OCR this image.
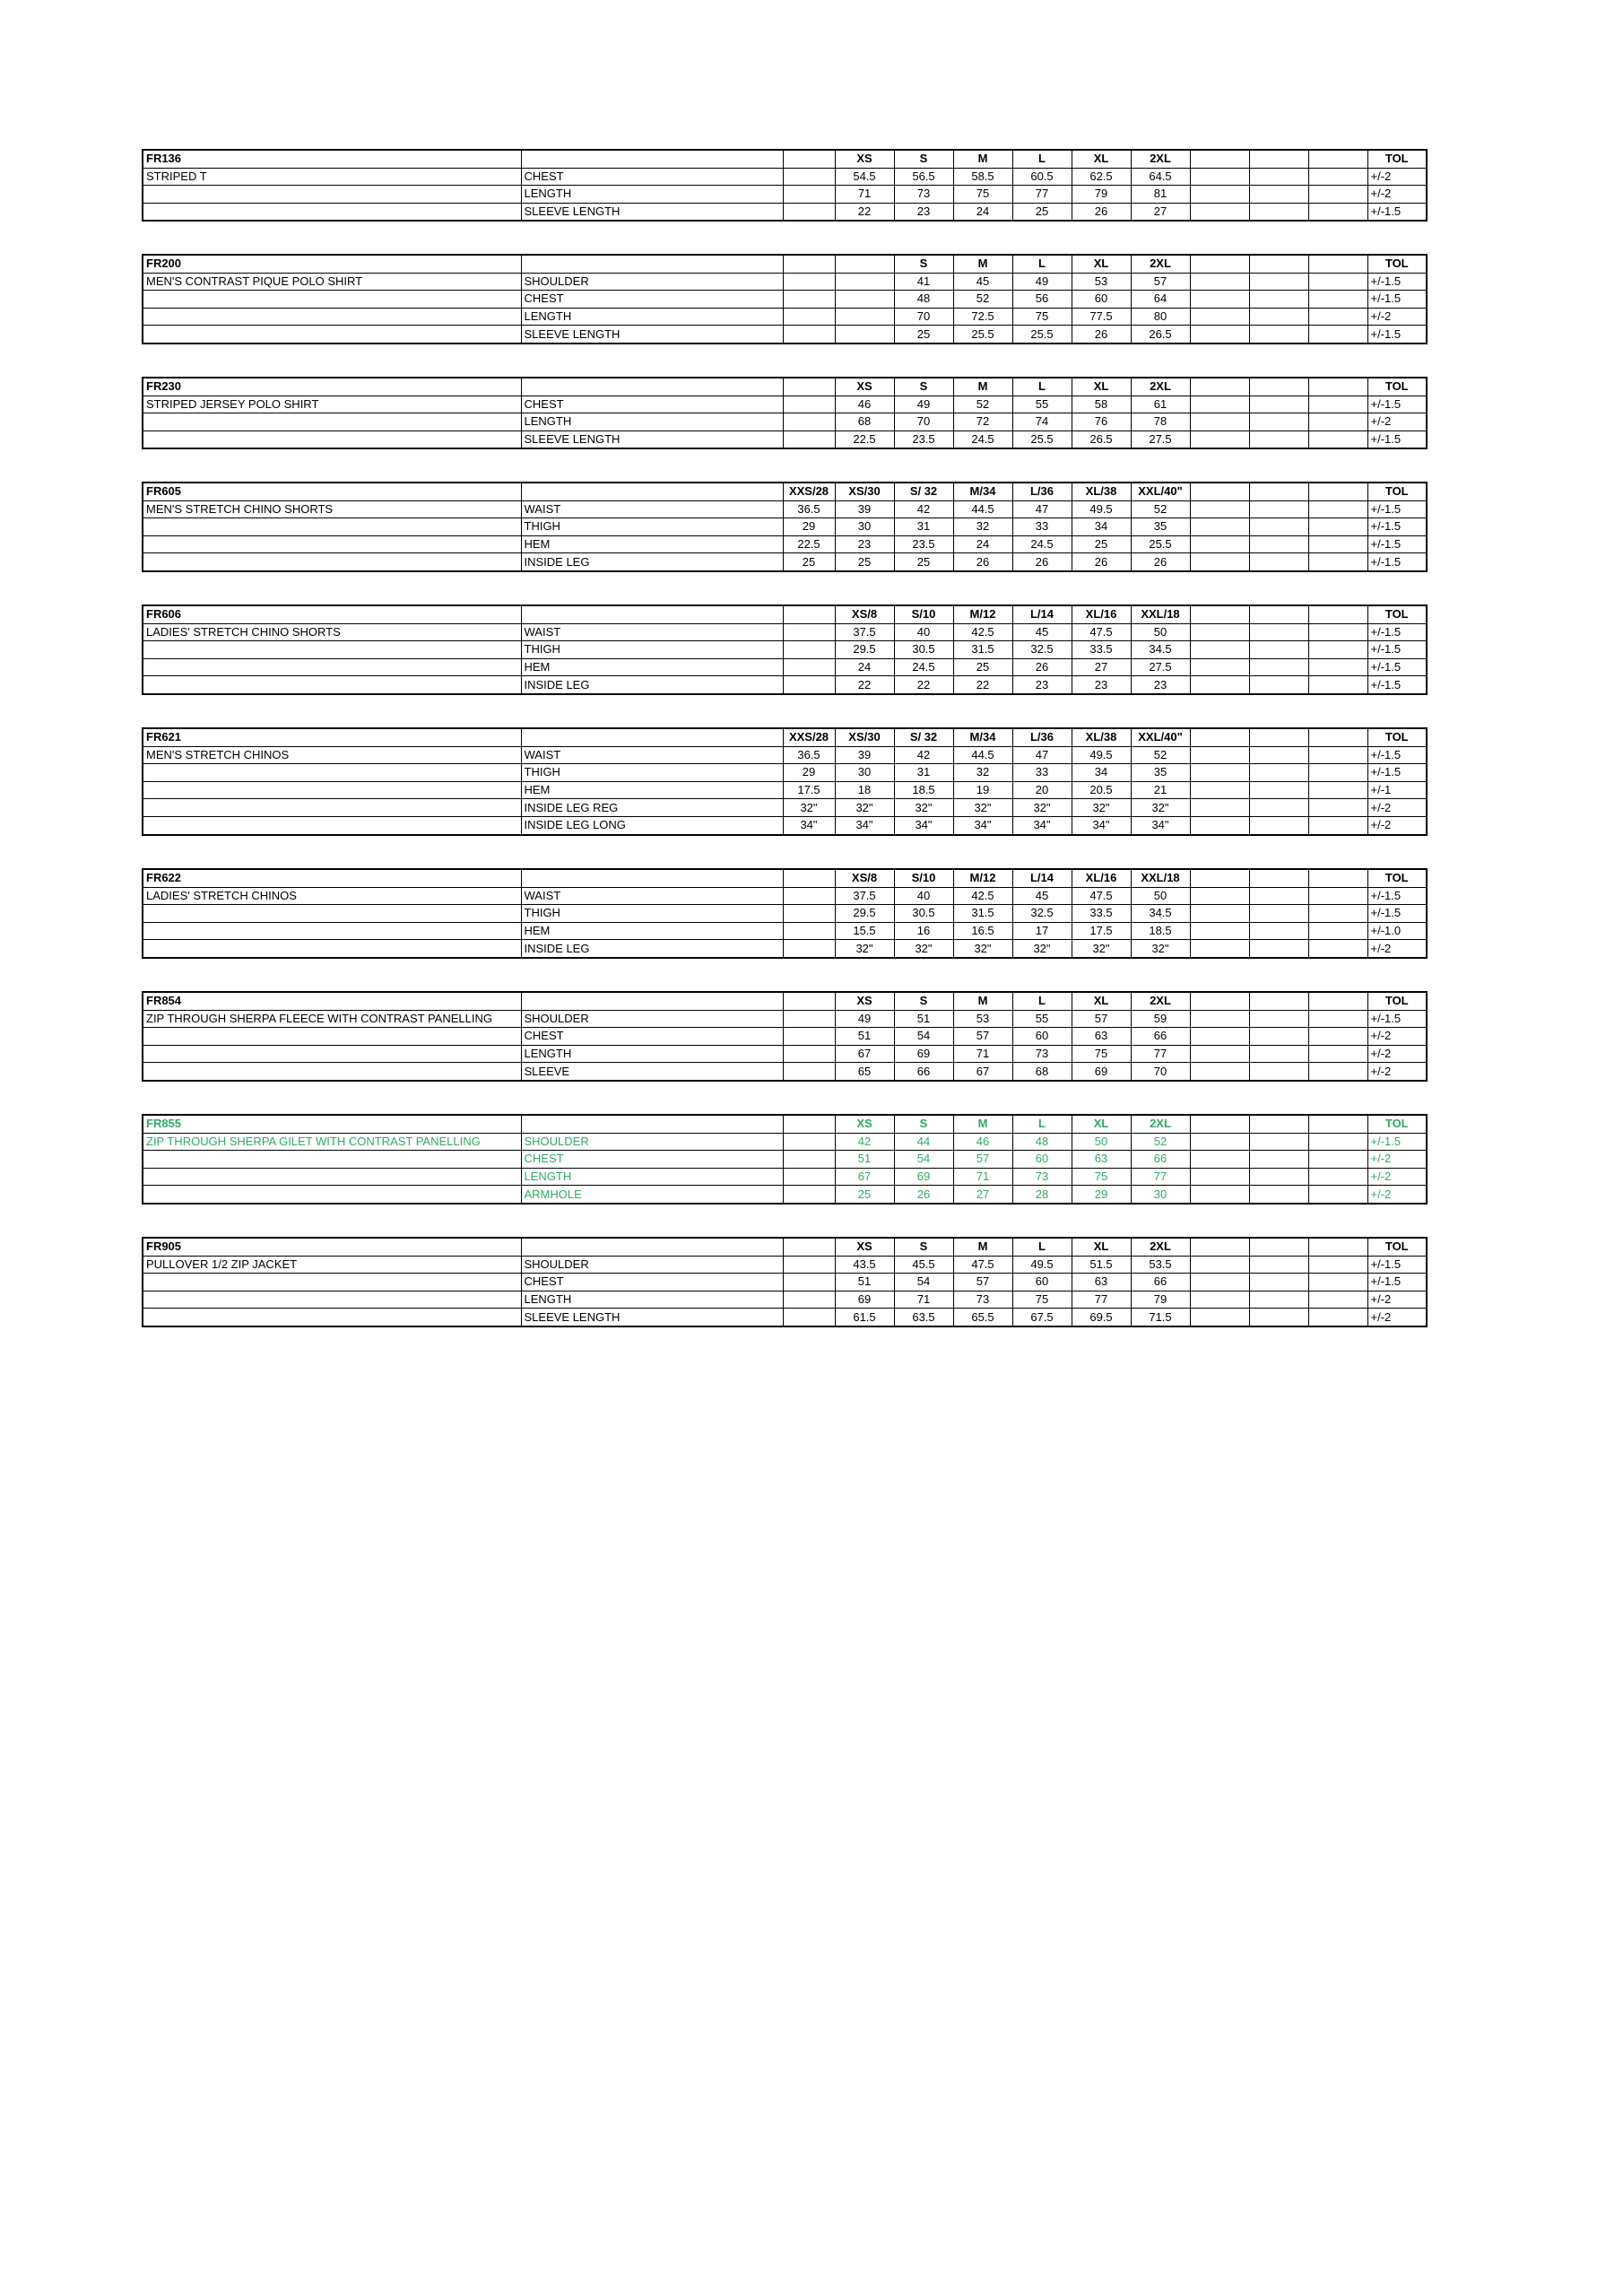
FR136			XS	S	M	L	XL	2XL				TOL
STRIPED T	CHEST		54.5	56.5	58.5	60.5	62.5	64.5				+/-2
	LENGTH		71	73	75	77	79	81				+/-2
	SLEEVE LENGTH		22	23	24	25	26	27				+/-1.5
FR200				S	M	L	XL	2XL				TOL
MEN'S CONTRAST PIQUE POLO SHIRT	SHOULDER			41	45	49	53	57				+/-1.5
	CHEST			48	52	56	60	64				+/-1.5
	LENGTH			70	72.5	75	77.5	80				+/-2
	SLEEVE LENGTH			25	25.5	25.5	26	26.5				+/-1.5
FR230			XS	S	M	L	XL	2XL				TOL
STRIPED JERSEY POLO SHIRT	CHEST		46	49	52	55	58	61				+/-1.5
	LENGTH		68	70	72	74	76	78				+/-2
	SLEEVE LENGTH		22.5	23.5	24.5	25.5	26.5	27.5				+/-1.5
FR605		XXS/28	XS/30	S/ 32	M/34	L/36	XL/38	XXL/40"				TOL
MEN'S STRETCH CHINO SHORTS	WAIST	36.5	39	42	44.5	47	49.5	52				+/-1.5
	THIGH	29	30	31	32	33	34	35				+/-1.5
	HEM	22.5	23	23.5	24	24.5	25	25.5				+/-1.5
	INSIDE LEG	25	25	25	26	26	26	26				+/-1.5
FR606			XS/8	S/10	M/12	L/14	XL/16	XXL/18				TOL
LADIES' STRETCH CHINO SHORTS	WAIST		37.5	40	42.5	45	47.5	50				+/-1.5
	THIGH		29.5	30.5	31.5	32.5	33.5	34.5				+/-1.5
	HEM		24	24.5	25	26	27	27.5				+/-1.5
	INSIDE LEG		22	22	22	23	23	23				+/-1.5
FR621		XXS/28	XS/30	S/ 32	M/34	L/36	XL/38	XXL/40"				TOL
MEN'S STRETCH CHINOS	WAIST	36.5	39	42	44.5	47	49.5	52				+/-1.5
	THIGH	29	30	31	32	33	34	35				+/-1.5
	HEM	17.5	18	18.5	19	20	20.5	21				+/-1
	INSIDE LEG REG	32"	32"	32"	32"	32"	32"	32"				+/-2
	INSIDE LEG LONG	34"	34"	34"	34"	34"	34"	34"				+/-2
FR622			XS/8	S/10	M/12	L/14	XL/16	XXL/18				TOL
LADIES' STRETCH CHINOS	WAIST		37.5	40	42.5	45	47.5	50				+/-1.5
	THIGH		29.5	30.5	31.5	32.5	33.5	34.5				+/-1.5
	HEM		15.5	16	16.5	17	17.5	18.5				+/-1.0
	INSIDE LEG		32"	32"	32"	32"	32"	32"				+/-2
FR854			XS	S	M	L	XL	2XL				TOL
ZIP THROUGH SHERPA FLEECE WITH CONTRAST PANELLING	SHOULDER		49	51	53	55	57	59				+/-1.5
	CHEST		51	54	57	60	63	66				+/-2
	LENGTH		67	69	71	73	75	77				+/-2
	SLEEVE		65	66	67	68	69	70				+/-2
FR855			XS	S	M	L	XL	2XL				TOL
ZIP THROUGH SHERPA GILET WITH CONTRAST PANELLING	SHOULDER		42	44	46	48	50	52				+/-1.5
	CHEST		51	54	57	60	63	66				+/-2
	LENGTH		67	69	71	73	75	77				+/-2
	ARMHOLE		25	26	27	28	29	30				+/-2
FR905			XS	S	M	L	XL	2XL				TOL
PULLOVER 1/2 ZIP JACKET	SHOULDER		43.5	45.5	47.5	49.5	51.5	53.5				+/-1.5
	CHEST		51	54	57	60	63	66				+/-1.5
	LENGTH		69	71	73	75	77	79				+/-2
	SLEEVE LENGTH		61.5	63.5	65.5	67.5	69.5	71.5				+/-2
